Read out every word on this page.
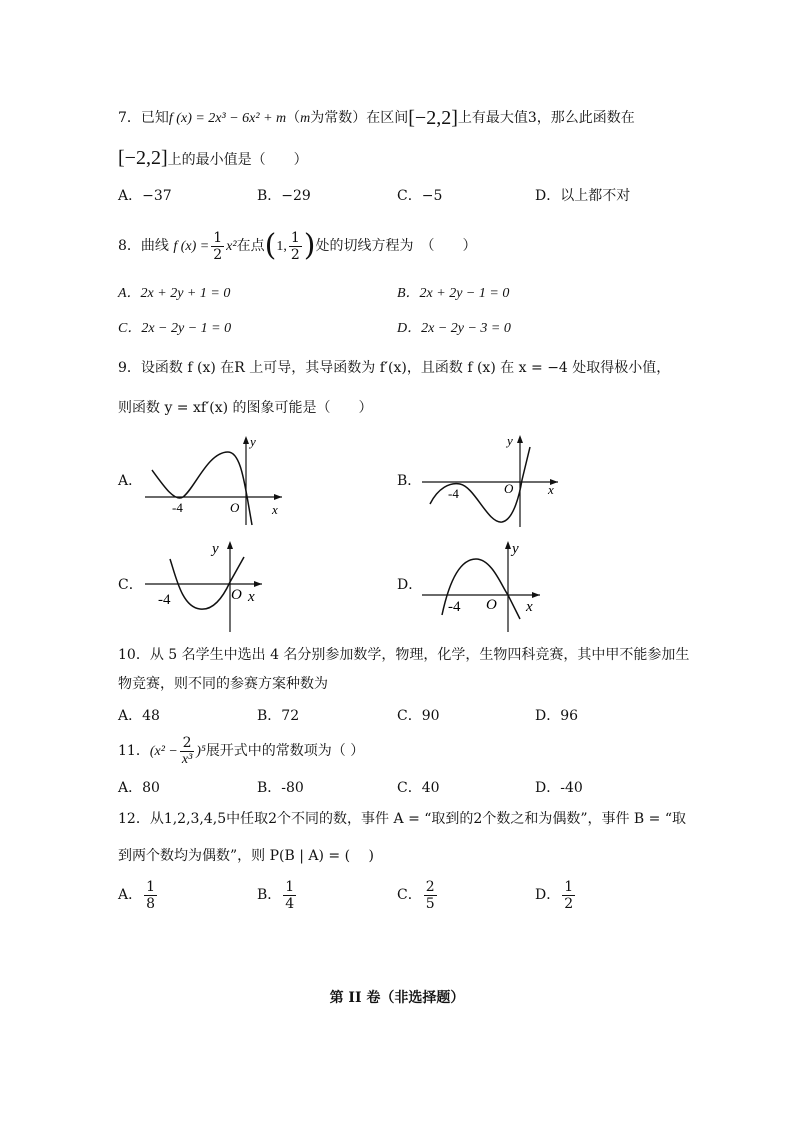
7．已知f (x) = 2x³ − 6x² + m（m为常数）在区间[−2,2]上有最大值3，那么此函数在
[−2,2]上的最小值是（　　）
A．−37	B．−29	C．−5	D．以上都不对
8．曲线 f $(x) = \frac{1}{2} x^2$在点(1, $\frac{1}{2}$ )处的切线方程为　（　　）
A．2x + 2y + 1 = 0	B．2x + 2y − 1 = 0
C．2x − 2y − 1 = 0	D．2x − 2y − 3 = 0
9．设函数 f (x) 在R 上可导，其导函数为 f′(x)，且函数 f (x) 在 x = −4 处取得极小值，
则函数 y = xf′(x) 的图象可能是（　　）
A．	B．
C．	D．
y
x
O
-4
y
x
O
-4
y
x
O
-4
y
x
O
-4
10．从 5 名学生中选出 4 名分别参加数学，物理，化学，生物四科竞赛，其中甲不能参加生
物竞赛，则不同的参赛方案种数为
A．48	B．72	C．90	D．96
11．$(x^2 - \frac{2}{\text{x³}} )^5$展开式中的常数项为（ ）
A．80	B．-80	C．40	D．-40
12．从1,2,3,4,5中任取2个不同的数，事件 A = “取到的2个数之和为偶数”，事件 B = “取
到两个数均为偶数”，则 P(B | A) = (　 )
A． $\frac{1}{8}$	B． $\frac{1}{4}$	C． $\frac{2}{5}$	D． $\frac{1}{2}$
第 II 卷（非选择题）
